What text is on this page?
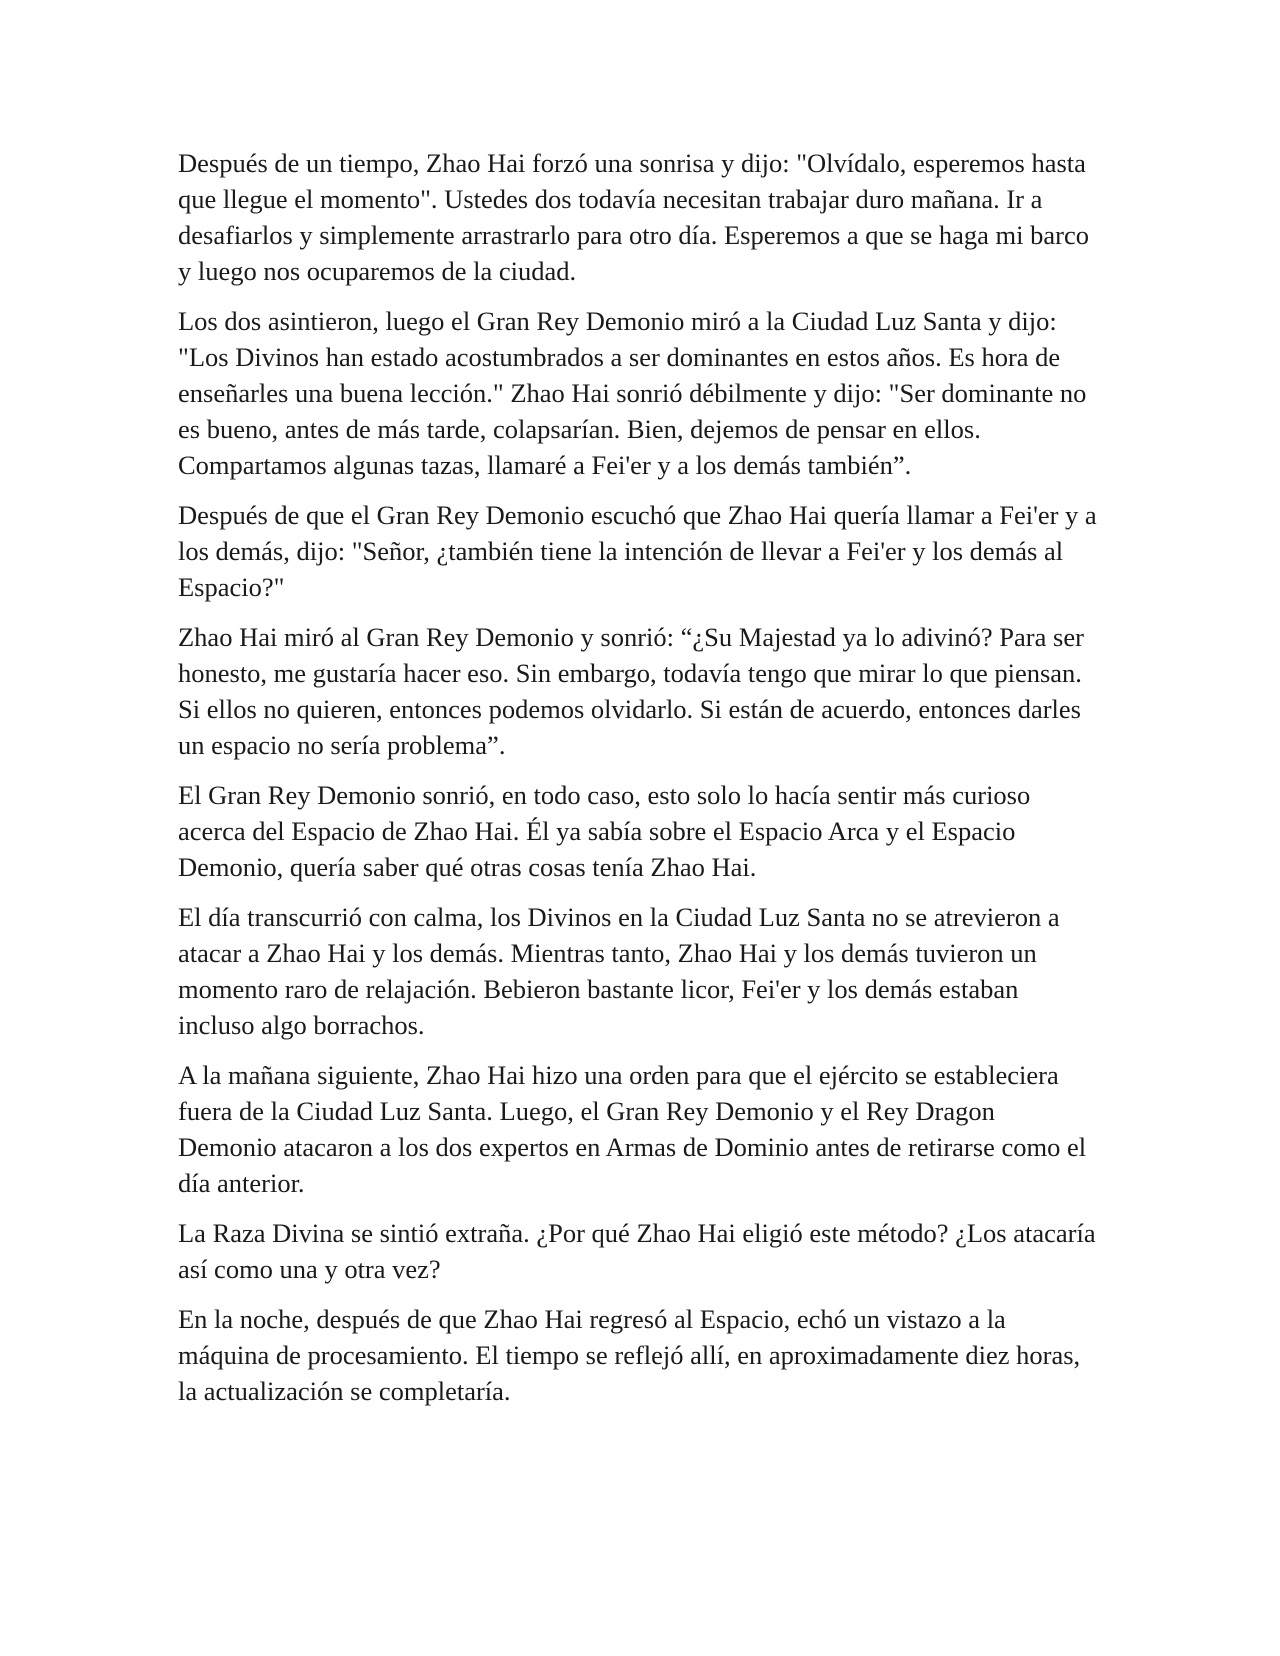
Después de un tiempo, Zhao Hai forzó una sonrisa y dijo: "Olvídalo, esperemos hasta que llegue el momento". Ustedes dos todavía necesitan trabajar duro mañana. Ir a desafiarlos y simplemente arrastrarlo para otro día. Esperemos a que se haga mi barco y luego nos ocuparemos de la ciudad.

Los dos asintieron, luego el Gran Rey Demonio miró a la Ciudad Luz Santa y dijo: "Los Divinos han estado acostumbrados a ser dominantes en estos años. Es hora de enseñarles una buena lección." Zhao Hai sonrió débilmente y dijo: "Ser dominante no es bueno, antes de más tarde, colapsarían. Bien, dejemos de pensar en ellos. Compartamos algunas tazas, llamaré a Fei'er y a los demás también”.

Después de que el Gran Rey Demonio escuchó que Zhao Hai quería llamar a Fei'er y a los demás, dijo: "Señor, ¿también tiene la intención de llevar a Fei'er y los demás al Espacio?"

Zhao Hai miró al Gran Rey Demonio y sonrió: “¿Su Majestad ya lo adivinó? Para ser honesto, me gustaría hacer eso. Sin embargo, todavía tengo que mirar lo que piensan. Si ellos no quieren, entonces podemos olvidarlo. Si están de acuerdo, entonces darles un espacio no sería problema”.

El Gran Rey Demonio sonrió, en todo caso, esto solo lo hacía sentir más curioso acerca del Espacio de Zhao Hai. Él ya sabía sobre el Espacio Arca y el Espacio Demonio, quería saber qué otras cosas tenía Zhao Hai.

El día transcurrió con calma, los Divinos en la Ciudad Luz Santa no se atrevieron a atacar a Zhao Hai y los demás. Mientras tanto, Zhao Hai y los demás tuvieron un momento raro de relajación. Bebieron bastante licor, Fei'er y los demás estaban incluso algo borrachos.

A la mañana siguiente, Zhao Hai hizo una orden para que el ejército se estableciera fuera de la Ciudad Luz Santa. Luego, el Gran Rey Demonio y el Rey Dragon Demonio atacaron a los dos expertos en Armas de Dominio antes de retirarse como el día anterior.

La Raza Divina se sintió extraña. ¿Por qué Zhao Hai eligió este método? ¿Los atacaría así como una y otra vez?

En la noche, después de que Zhao Hai regresó al Espacio, echó un vistazo a la máquina de procesamiento. El tiempo se reflejó allí, en aproximadamente diez horas, la actualización se completaría.
